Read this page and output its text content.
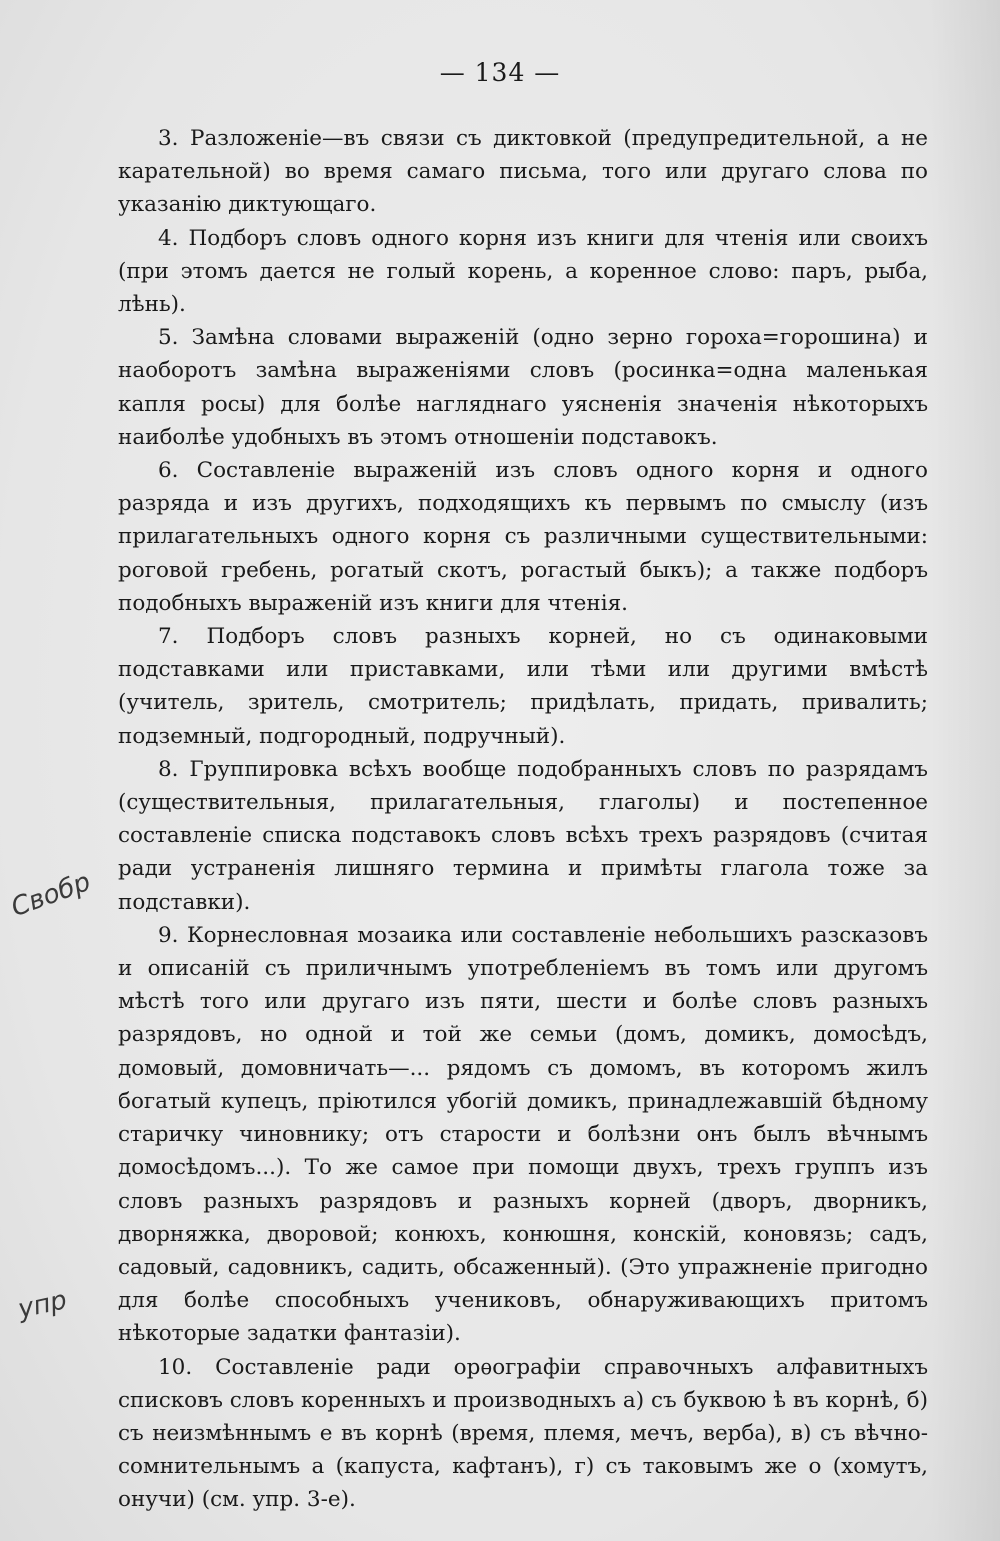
— 134 —

3. Разложеніе—въ связи съ диктовкой (предупредительной, а не карательной) во время самаго письма, того или другаго слова по указанію диктующаго.

4. Подборъ словъ одного корня изъ книги для чтенія или своихъ (при этомъ дается не голый корень, а коренное слово: паръ, рыба, лѣнь).

5. Замѣна словами выраженій (одно зерно гороха=горошина) и наоборотъ замѣна выраженіями словъ (росинка=одна маленькая капля росы) для болѣе нагляднаго уясненія значенія нѣкоторыхъ наиболѣе удобныхъ въ этомъ отношеніи подставокъ.

6. Составленіе выраженій изъ словъ одного корня и одного разряда и изъ другихъ, подходящихъ къ первымъ по смыслу (изъ прилагательныхъ одного корня съ различными существительными: роговой гребень, рогатый скотъ, рогастый быкъ); а также подборъ подобныхъ выраженій изъ книги для чтенія.

7. Подборъ словъ разныхъ корней, но съ одинаковыми подставками или приставками, или тѣми или другими вмѣстѣ (учитель, зритель, смотритель; придѣлать, придать, привалить; подземный, подгородный, подручный).

8. Группировка всѣхъ вообще подобранныхъ словъ по разрядамъ (существительныя, прилагательныя, глаголы) и постепенное составленіе списка подставокъ словъ всѣхъ трехъ разрядовъ (считая ради устраненія лишняго термина и примѣты глагола тоже за подставки).

9. Корнесловная мозаика или составленіе небольшихъ разсказовъ и описаній съ приличнымъ употребленіемъ въ томъ или другомъ мѣстѣ того или другаго изъ пяти, шести и болѣе словъ разныхъ разрядовъ, но одной и той же семьи (домъ, домикъ, домосѣдъ, домовый, домовничать—... рядомъ съ домомъ, въ которомъ жилъ богатый купецъ, пріютился убогій домикъ, принадлежавшій бѣдному старичку чиновнику; отъ старости и болѣзни онъ былъ вѣчнымъ домосѣдомъ...). То же самое при помощи двухъ, трехъ группъ изъ словъ разныхъ разрядовъ и разныхъ корней (дворъ, дворникъ, дворняжка, дворовой; конюхъ, конюшня, конскій, коновязь; садъ, садовый, садовникъ, садить, обсаженный). (Это упражненіе пригодно для болѣе способныхъ учениковъ, обнаруживающихъ притомъ нѣкоторые задатки фантазіи).

10. Составленіе ради орѳографіи справочныхъ алфавитныхъ списковъ словъ коренныхъ и производныхъ а) съ буквою ѣ въ корнѣ, б) съ неизмѣннымъ е въ корнѣ (время, племя, мечъ, верба), в) съ вѣчно-сомнительнымъ а (капуста, кафтанъ), г) съ таковымъ же о (хомутъ, онучи) (см. упр. 3-е).

Свобр
упр
